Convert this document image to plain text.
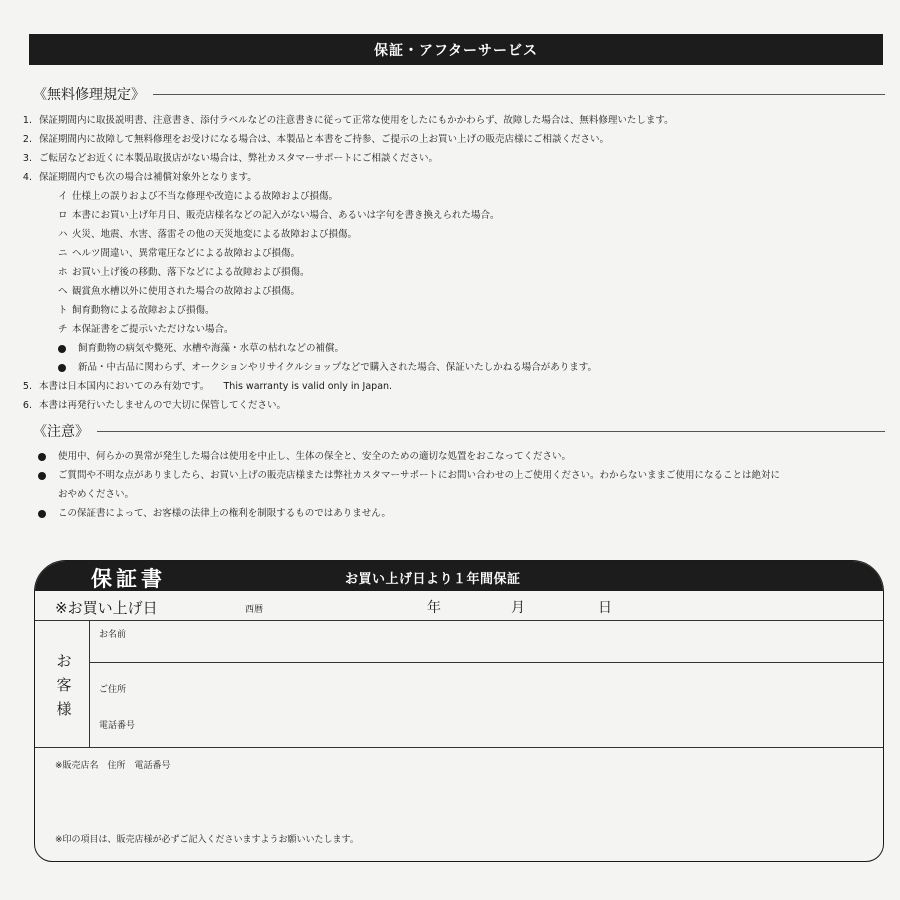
保証・アフターサービス
《無料修理規定》
1. 保証期間内に取扱説明書、注意書き、添付ラベルなどの注意書きに従って正常な使用をしたにもかかわらず、故障した場合は、無料修理いたします。
2. 保証期間内に故障して無料修理をお受けになる場合は、本製品と本書をご持参、ご提示の上お買い上げの販売店様にご相談ください。
3. ご転居などお近くに本製品取扱店がない場合は、弊社カスタマーサポートにご相談ください。
4. 保証期間内でも次の場合は補償対象外となります。
イ 仕様上の誤りおよび不当な修理や改造による故障および損傷。
ロ 本書にお買い上げ年月日、販売店様名などの記入がない場合、あるいは字句を書き換えられた場合。
ハ 火災、地震、水害、落雷その他の天災地変による故障および損傷。
ニ ヘルツ間違い、異常電圧などによる故障および損傷。
ホ お買い上げ後の移動、落下などによる故障および損傷。
ヘ 観賞魚水槽以外に使用された場合の故障および損傷。
ト 飼育動物による故障および損傷。
チ 本保証書をご提示いただけない場合。
飼育動物の病気や斃死、水槽や海藻・水草の枯れなどの補償。
新品・中古品に関わらず、オークションやリサイクルショップなどで購入された場合、保証いたしかねる場合があります。
5. 本書は日本国内においてのみ有効です。　　This warranty is valid only in Japan.
6. 本書は再発行いたしませんので大切に保管してください。
《注意》
使用中、何らかの異常が発生した場合は使用を中止し、生体の保全と、安全のための適切な処置をおこなってください。
ご質問や不明な点がありましたら、お買い上げの販売店様または弊社カスタマーサポートにお問い合わせの上ご使用ください。わからないままご使用になることは絶対に
おやめください。
この保証書によって、お客様の法律上の権利を制限するものではありません。
保証書	お買い上げ日より１年間保証
※お買い上げ日	西暦	年	月	日
お客様
お名前
ご住所
電話番号
※販売店名　住所　電話番号
※印の項目は、販売店様が必ずご記入くださいますようお願いいたします。
